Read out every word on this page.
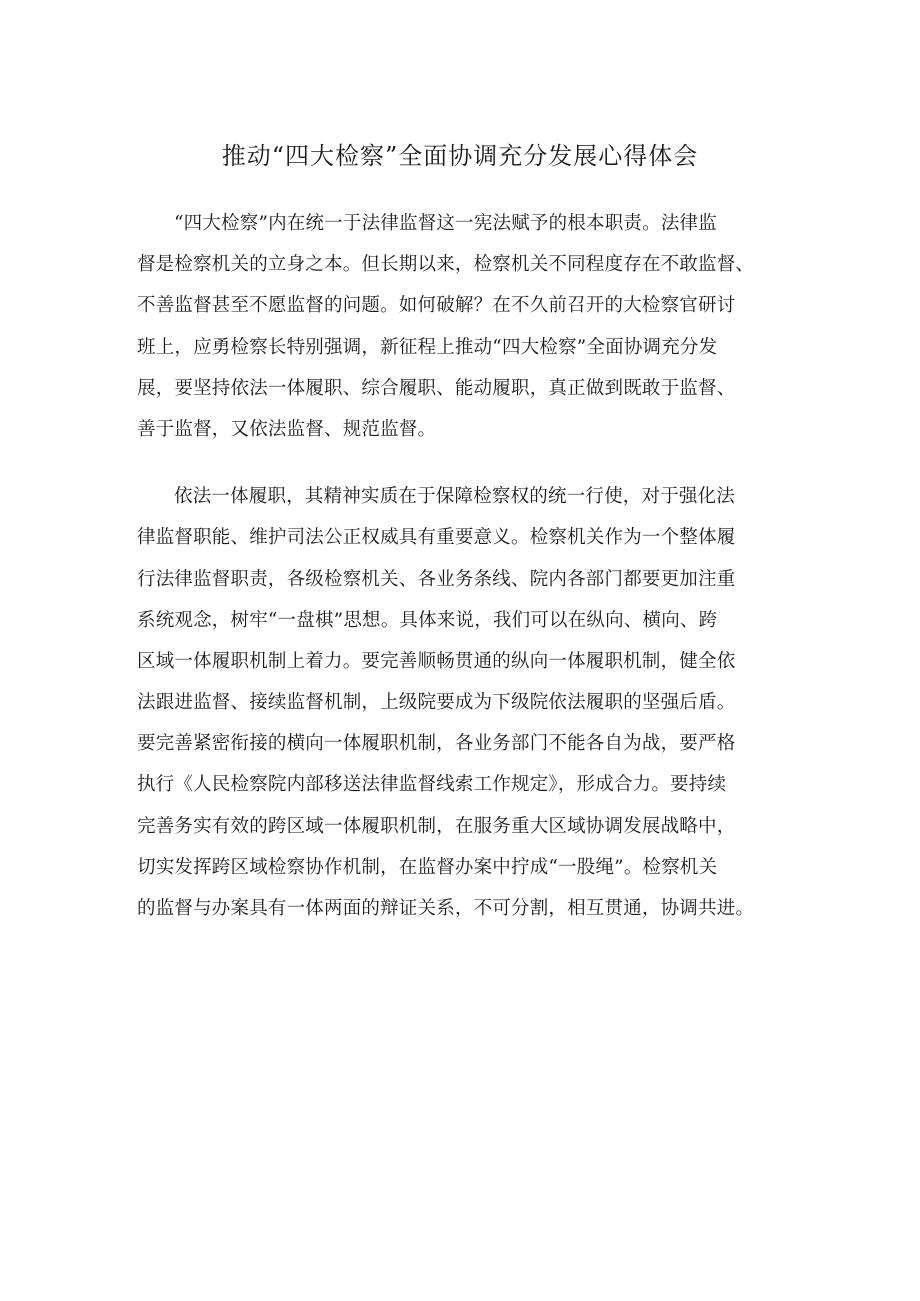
推动“四大检察”全面协调充分发展心得体会
“四大检察”内在统一于法律监督这一宪法赋予的根本职责。法律监
督是检察机关的立身之本。但长期以来，检察机关不同程度存在不敢监督、
不善监督甚至不愿监督的问题。如何破解？在不久前召开的大检察官研讨
班上，应勇检察长特别强调，新征程上推动“四大检察”全面协调充分发
展，要坚持依法一体履职、综合履职、能动履职，真正做到既敢于监督、
善于监督，又依法监督、规范监督。
依法一体履职，其精神实质在于保障检察权的统一行使，对于强化法
律监督职能、维护司法公正权威具有重要意义。检察机关作为一个整体履
行法律监督职责，各级检察机关、各业务条线、院内各部门都要更加注重
系统观念，树牢“一盘棋”思想。具体来说，我们可以在纵向、横向、跨
区域一体履职机制上着力。要完善顺畅贯通的纵向一体履职机制，健全依
法跟进监督、接续监督机制，上级院要成为下级院依法履职的坚强后盾。
要完善紧密衔接的横向一体履职机制，各业务部门不能各自为战，要严格
执行《人民检察院内部移送法律监督线索工作规定》，形成合力。要持续
完善务实有效的跨区域一体履职机制，在服务重大区域协调发展战略中，
切实发挥跨区域检察协作机制，在监督办案中拧成“一股绳”。检察机关
的监督与办案具有一体两面的辩证关系，不可分割，相互贯通，协调共进。
